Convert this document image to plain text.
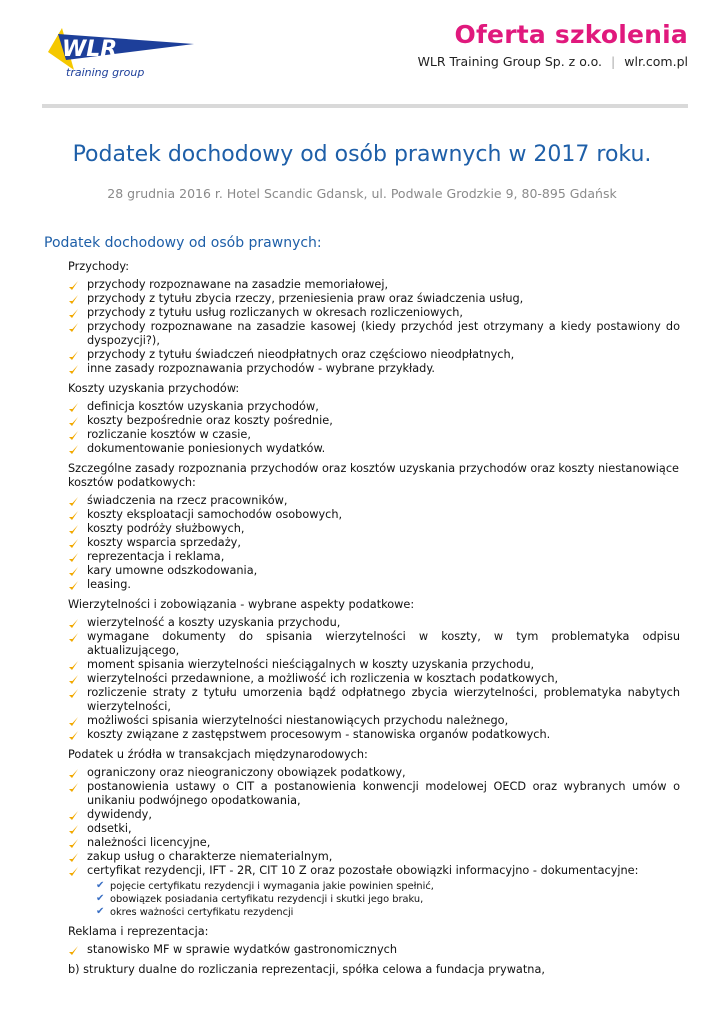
WLR
training group
Oferta szkolenia
WLR Training Group Sp. z o.o. | wlr.com.pl
Podatek dochodowy od osób prawnych w 2017 roku.
28 grudnia 2016 r. Hotel Scandic Gdansk, ul. Podwale Grodzkie 9, 80-895 Gdańsk
Podatek dochodowy od osób prawnych:
Przychody:
przychody rozpoznawane na zasadzie memoriałowej,
przychody z tytułu zbycia rzeczy, przeniesienia praw oraz świadczenia usług,
przychody z tytułu usług rozliczanych w okresach rozliczeniowych,
przychody rozpoznawane na zasadzie kasowej (kiedy przychód jest otrzymany a kiedy postawiony do dyspozycji?),
przychody z tytułu świadczeń nieodpłatnych oraz częściowo nieodpłatnych,
inne zasady rozpoznawania przychodów - wybrane przykłady.
Koszty uzyskania przychodów:
definicja kosztów uzyskania przychodów,
koszty bezpośrednie oraz koszty pośrednie,
rozliczanie kosztów w czasie,
dokumentowanie poniesionych wydatków.
Szczególne zasady rozpoznania przychodów oraz kosztów uzyskania przychodów oraz koszty niestanowiące kosztów podatkowych:
świadczenia na rzecz pracowników,
koszty eksploatacji samochodów osobowych,
koszty podróży służbowych,
koszty wsparcia sprzedaży,
reprezentacja i reklama,
kary umowne odszkodowania,
leasing.
Wierzytelności i zobowiązania - wybrane aspekty podatkowe:
wierzytelność a koszty uzyskania przychodu,
wymagane dokumenty do spisania wierzytelności w koszty, w tym problematyka odpisu aktualizującego,
moment spisania wierzytelności nieściągalnych w koszty uzyskania przychodu,
wierzytelności przedawnione, a możliwość ich rozliczenia w kosztach podatkowych,
rozliczenie straty z tytułu umorzenia bądź odpłatnego zbycia wierzytelności, problematyka nabytych wierzytelności,
możliwości spisania wierzytelności niestanowiących przychodu należnego,
koszty związane z zastępstwem procesowym - stanowiska organów podatkowych.
Podatek u źródła w transakcjach międzynarodowych:
ograniczony oraz nieograniczony obowiązek podatkowy,
postanowienia ustawy o CIT a postanowienia konwencji modelowej OECD oraz wybranych umów o unikaniu podwójnego opodatkowania,
dywidendy,
odsetki,
należności licencyjne,
zakup usług o charakterze niematerialnym,
certyfikat rezydencji, IFT - 2R, CIT 10 Z oraz pozostałe obowiązki informacyjno - dokumentacyjne:
✔ pojęcie certyfikatu rezydencji i wymagania jakie powinien spełnić,
✔ obowiązek posiadania certyfikatu rezydencji i skutki jego braku,
✔ okres ważności certyfikatu rezydencji
Reklama i reprezentacja:
stanowisko MF w sprawie wydatków gastronomicznych
b) struktury dualne do rozliczania reprezentacji, spółka celowa a fundacja prywatna,
